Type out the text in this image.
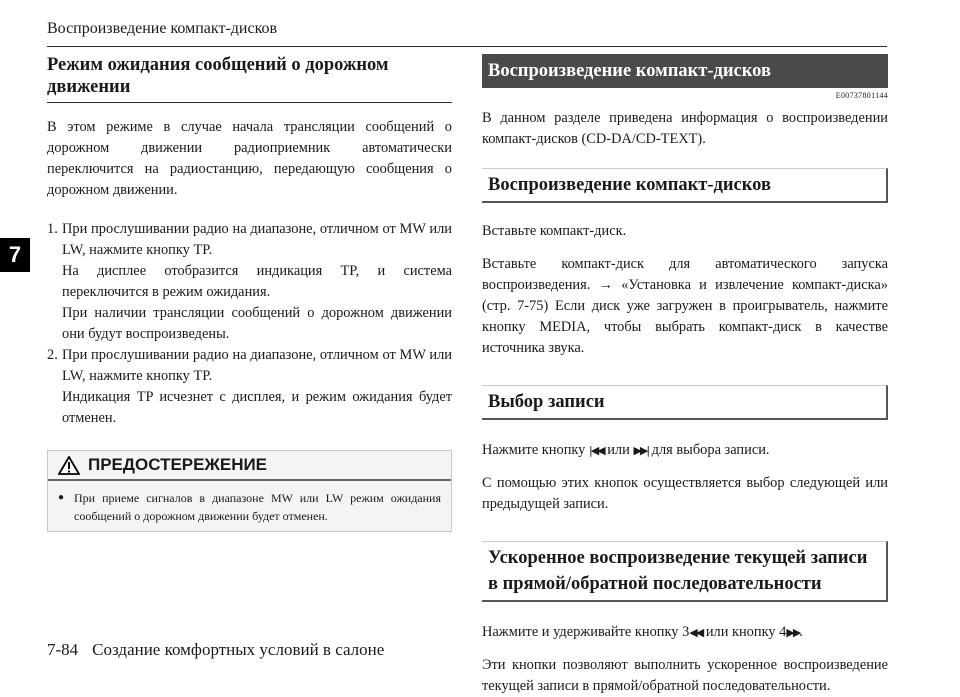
Воспроизведение компакт-дисков
7
Режим ожидания сообщений о дорожном движении

В этом режиме в случае начала трансляции сообщений о дорожном движении радиоприемник автоматически переключится на радиостанцию, передающую сообщения о дорожном движении.

1. При прослушивании радио на диапазоне, отличном от MW или LW, нажмите кнопку TP.
На дисплее отобразится индикация TP, и система переключится в режим ожидания.
При наличии трансляции сообщений о дорожном движении они будут воспроизведены.
2. При прослушивании радио на диапазоне, отличном от MW или LW, нажмите кнопку TP.
Индикация TP исчезнет с дисплея, и режим ожидания будет отменен.
ПРЕДОСТЕРЕЖЕНИЕ
● При приеме сигналов в диапазоне MW или LW режим ожидания сообщений о дорожном движении будет отменен.
Воспроизведение компакт-дисков
E00737801144

В данном разделе приведена информация о воспроизведении компакт-дисков (CD-DA/CD-TEXT).

Воспроизведение компакт-дисков

Вставьте компакт-диск.

Вставьте компакт-диск для автоматического запуска воспроизведения. → «Установка и извлечение компакт-диска» (стр. 7-75) Если диск уже загружен в проигрыватель, нажмите кнопку MEDIA, чтобы выбрать компакт-диск в качестве источника звука.

Выбор записи

Нажмите кнопку |◀◀ или ▶▶| для выбора записи.

С помощью этих кнопок осуществляется выбор следующей или предыдущей записи.

Ускоренное воспроизведение текущей записи
в прямой/обратной последовательности

Нажмите и удерживайте кнопку 3◀◀ или кнопку 4▶▶.

Эти кнопки позволяют выполнить ускоренное воспроизведение текущей записи в прямой/обратной последовательности.

7-84 Создание комфортных условий в салоне
